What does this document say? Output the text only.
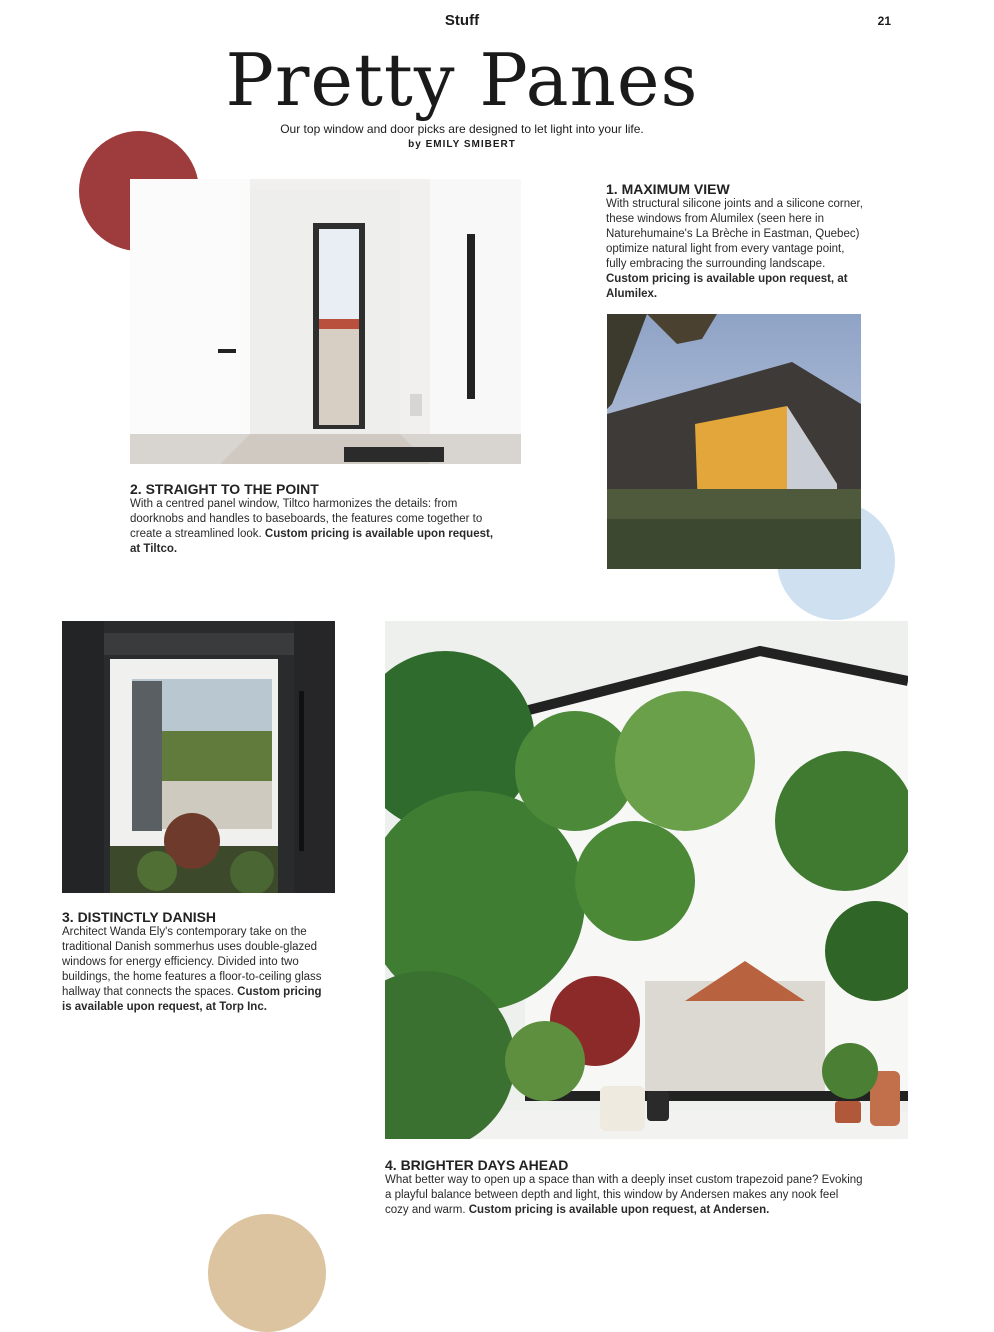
Stuff	21
Pretty Panes
Our top window and door picks are designed to let light into your life.
by EMILY SMIBERT
1. MAXIMUM VIEW
With structural silicone joints and a silicone corner, these windows from Alumilex (seen here in Naturehumaine's La Brèche in Eastman, Quebec) optimize natural light from every vantage point, fully embracing the surrounding landscape. Custom pricing is available upon request, at Alumilex.
2. STRAIGHT TO THE POINT
With a centred panel window, Tiltco harmonizes the details: from doorknobs and handles to baseboards, the features come together to create a streamlined look. Custom pricing is available upon request, at Tiltco.
3. DISTINCTLY DANISH
Architect Wanda Ely's contemporary take on the traditional Danish sommerhus uses double-glazed windows for energy efficiency. Divided into two buildings, the home features a floor-to-ceiling glass hallway that connects the spaces. Custom pricing is available upon request, at Torp Inc.
4. BRIGHTER DAYS AHEAD
What better way to open up a space than with a deeply inset custom trapezoid pane? Evoking a playful balance between depth and light, this window by Andersen makes any nook feel cozy and warm. Custom pricing is available upon request, at Andersen.
